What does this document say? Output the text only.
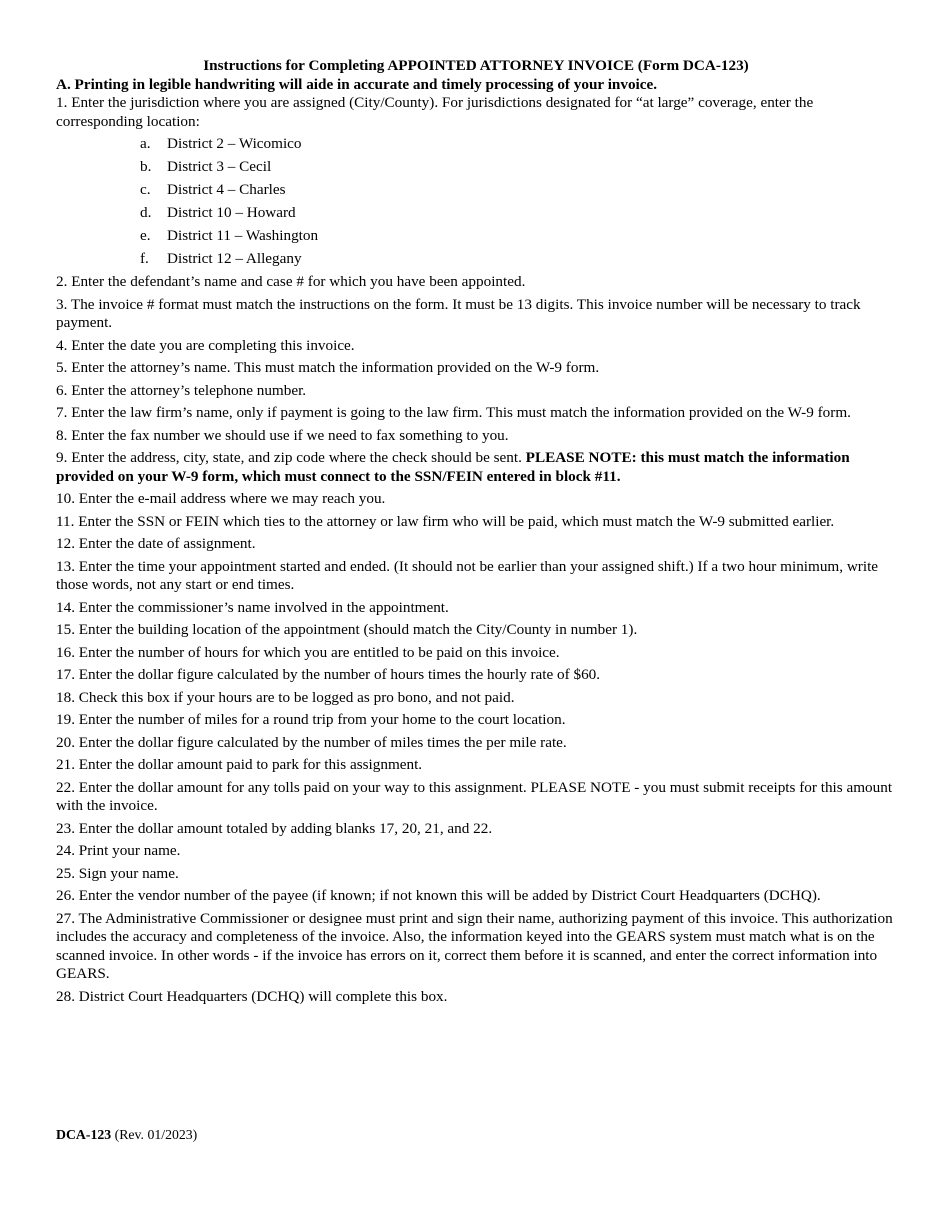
Instructions for Completing APPOINTED ATTORNEY INVOICE (Form DCA-123)

A. Printing in legible handwriting will aide in accurate and timely processing of your invoice.

1. Enter the jurisdiction where you are assigned (City/County). For jurisdictions designated for “at large” coverage, enter the corresponding location:

a.	District 2 – Wicomico
b.	District 3 – Cecil
c.	District 4 – Charles
d.	District 10 – Howard
e.	District 11 – Washington
f.	District 12 – Allegany

2. Enter the defendant’s name and case # for which you have been appointed.

3. The invoice # format must match the instructions on the form. It must be 13 digits. This invoice number will be necessary to track payment.

4. Enter the date you are completing this invoice.

5. Enter the attorney’s name. This must match the information provided on the W-9 form.

6. Enter the attorney’s telephone number.

7. Enter the law firm’s name, only if payment is going to the law firm. This must match the information provided on the W-9 form.

8. Enter the fax number we should use if we need to fax something to you.

9. Enter the address, city, state, and zip code where the check should be sent. PLEASE NOTE: this must match the information provided on your W-9 form, which must connect to the SSN/FEIN entered in block #11.

10. Enter the e-mail address where we may reach you.

11. Enter the SSN or FEIN which ties to the attorney or law firm who will be paid, which must match the W-9 submitted earlier.

12. Enter the date of assignment.

13. Enter the time your appointment started and ended. (It should not be earlier than your assigned shift.) If a two hour minimum, write those words, not any start or end times.

14. Enter the commissioner’s name involved in the appointment.

15. Enter the building location of the appointment (should match the City/County in number 1).

16. Enter the number of hours for which you are entitled to be paid on this invoice.

17. Enter the dollar figure calculated by the number of hours times the hourly rate of $60.

18. Check this box if your hours are to be logged as pro bono, and not paid.

19. Enter the number of miles for a round trip from your home to the court location.

20. Enter the dollar figure calculated by the number of miles times the per mile rate.

21. Enter the dollar amount paid to park for this assignment.

22. Enter the dollar amount for any tolls paid on your way to this assignment. PLEASE NOTE - you must submit receipts for this amount with the invoice.

23. Enter the dollar amount totaled by adding blanks 17, 20, 21, and 22.

24. Print your name.

25. Sign your name.

26. Enter the vendor number of the payee (if known; if not known this will be added by District Court Headquarters (DCHQ).

27. The Administrative Commissioner or designee must print and sign their name, authorizing payment of this invoice. This authorization includes the accuracy and completeness of the invoice. Also, the information keyed into the GEARS system must match what is on the scanned invoice. In other words - if the invoice has errors on it, correct them before it is scanned, and enter the correct information into GEARS.

28. District Court Headquarters (DCHQ) will complete this box.

DCA-123 (Rev. 01/2023)
